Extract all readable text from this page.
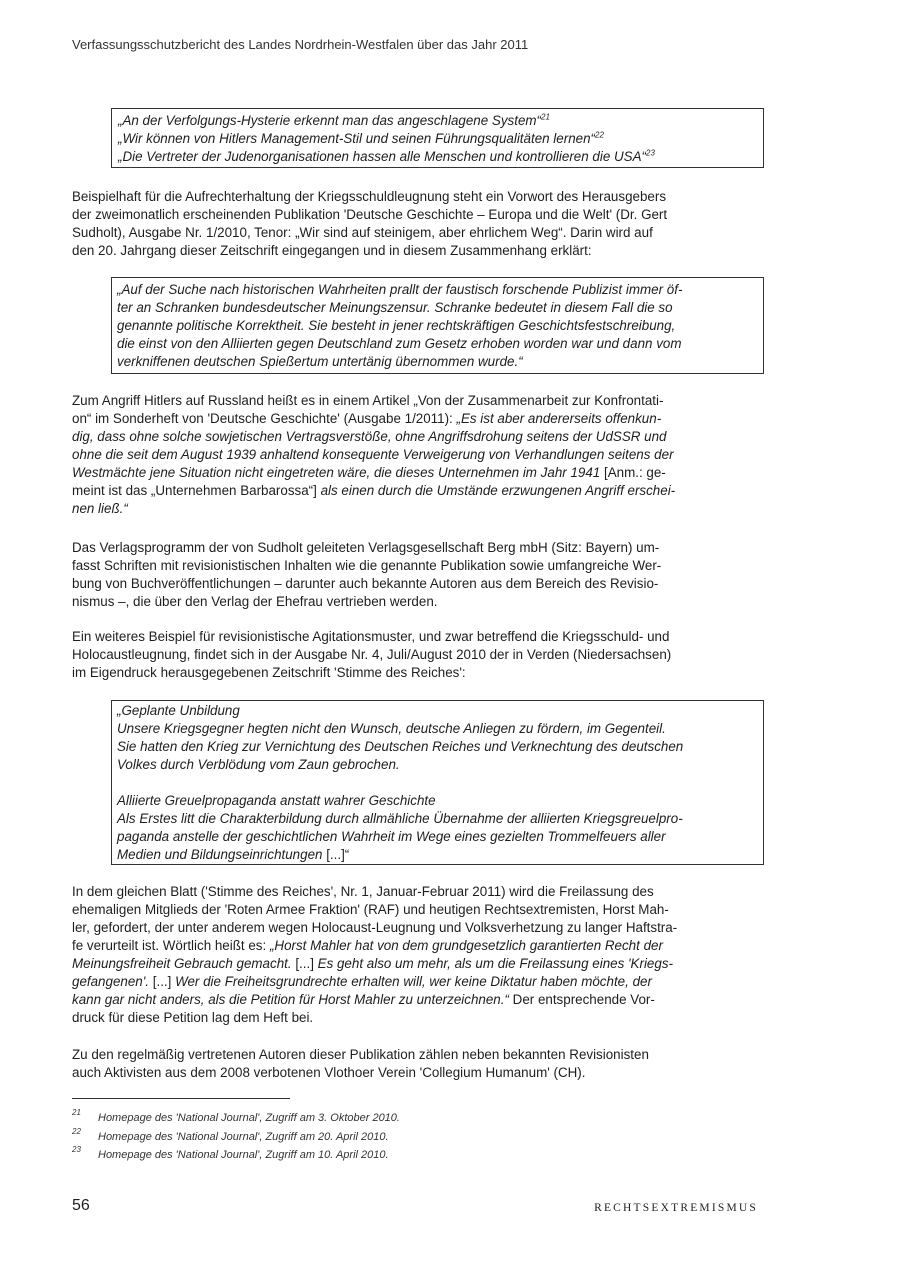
Verfassungsschutzbericht des Landes Nordrhein-Westfalen über das Jahr 2011
„An der Verfolgungs-Hysterie erkennt man das angeschlagene System“$^{21}$
„Wir können von Hitlers Management-Stil und seinen Führungsqualitäten lernen“$^{22}$
„Die Vertreter der Judenorganisationen hassen alle Menschen und kontrollieren die USA“$^{23}$
Beispielhaft für die Aufrechterhaltung der Kriegsschuldleugnung steht ein Vorwort des Herausgebers
der zweimonatlich erscheinenden Publikation 'Deutsche Geschichte – Europa und die Welt' (Dr. Gert
Sudholt), Ausgabe Nr. 1/2010, Tenor: „Wir sind auf steinigem, aber ehrlichem Weg“. Darin wird auf
den 20. Jahrgang dieser Zeitschrift eingegangen und in diesem Zusammenhang erklärt:
„Auf der Suche nach historischen Wahrheiten prallt der faustisch forschende Publizist immer öf-
ter an Schranken bundesdeutscher Meinungszensur. Schranke bedeutet in diesem Fall die so
genannte politische Korrektheit. Sie besteht in jener rechtskräftigen Geschichtsfestschreibung,
die einst von den Alliierten gegen Deutschland zum Gesetz erhoben worden war und dann vom
verkniffenen deutschen Spießertum untertänig übernommen wurde.“
Zum Angriff Hitlers auf Russland heißt es in einem Artikel „Von der Zusammenarbeit zur Konfrontati-
on“ im Sonderheft von 'Deutsche Geschichte' (Ausgabe 1/2011): „Es ist aber andererseits offenkun-
dig, dass ohne solche sowjetischen Vertragsverstöße, ohne Angriffsdrohung seitens der UdSSR und
ohne die seit dem August 1939 anhaltend konsequente Verweigerung von Verhandlungen seitens der
Westmächte jene Situation nicht eingetreten wäre, die dieses Unternehmen im Jahr 1941 [Anm.: ge-
meint ist das „Unternehmen Barbarossa“] als einen durch die Umstände erzwungenen Angriff erschei-
nen ließ.“
Das Verlagsprogramm der von Sudholt geleiteten Verlagsgesellschaft Berg mbH (Sitz: Bayern) um-
fasst Schriften mit revisionistischen Inhalten wie die genannte Publikation sowie umfangreiche Wer-
bung von Buchveröffentlichungen – darunter auch bekannte Autoren aus dem Bereich des Revisio-
nismus –, die über den Verlag der Ehefrau vertrieben werden.
Ein weiteres Beispiel für revisionistische Agitationsmuster, und zwar betreffend die Kriegsschuld- und
Holocaustleugnung, findet sich in der Ausgabe Nr. 4, Juli/August 2010 der in Verden (Niedersachsen)
im Eigendruck herausgegebenen Zeitschrift 'Stimme des Reiches':
„Geplante Unbildung
Unsere Kriegsgegner hegten nicht den Wunsch, deutsche Anliegen zu fördern, im Gegenteil.
Sie hatten den Krieg zur Vernichtung des Deutschen Reiches und Verknechtung des deutschen
Volkes durch Verblödung vom Zaun gebrochen.
Alliierte Greuelpropaganda anstatt wahrer Geschichte
Als Erstes litt die Charakterbildung durch allmähliche Übernahme der alliierten Kriegsgreuelpro-
paganda anstelle der geschichtlichen Wahrheit im Wege eines gezielten Trommelfeuers aller
Medien und Bildungseinrichtungen [...]“
In dem gleichen Blatt ('Stimme des Reiches', Nr. 1, Januar-Februar 2011) wird die Freilassung des
ehemaligen Mitglieds der 'Roten Armee Fraktion' (RAF) und heutigen Rechtsextremisten, Horst Mah-
ler, gefordert, der unter anderem wegen Holocaust-Leugnung und Volksverhetzung zu langer Haftstra-
fe verurteilt ist. Wörtlich heißt es: „Horst Mahler hat von dem grundgesetzlich garantierten Recht der
Meinungsfreiheit Gebrauch gemacht. [...] Es geht also um mehr, als um die Freilassung eines 'Kriegs-
gefangenen'. [...] Wer die Freiheitsgrundrechte erhalten will, wer keine Diktatur haben möchte, der
kann gar nicht anders, als die Petition für Horst Mahler zu unterzeichnen.“ Der entsprechende Vor-
druck für diese Petition lag dem Heft bei.
Zu den regelmäßig vertretenen Autoren dieser Publikation zählen neben bekannten Revisionisten
auch Aktivisten aus dem 2008 verbotenen Vlothoer Verein 'Collegium Humanum' (CH).
21 Homepage des 'National Journal', Zugriff am 3. Oktober 2010.
22 Homepage des 'National Journal', Zugriff am 20. April 2010.
23 Homepage des 'National Journal', Zugriff am 10. April 2010.
56	RECHTSEXTREMISMUS
